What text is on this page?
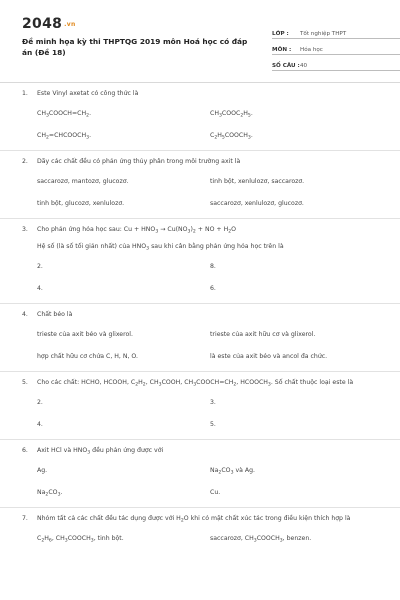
2048 .vn
Đề minh họa kỳ thi THPTQG 2019 môn Hoá học có đáp án (Đề 18)
LỚP :	Tốt nghiệp THPT
MÔN :	Hóa học
SỐ CÂU : 40
1.	Este Vinyl axetat có công thức là
$CH_3COOCH=CH_2$.	$CH_3COOC_2H_5$.
$CH_2=CHCOOCH_3$.	$C_2H_5COOCH_3$.
2.	Dãy các chất đều có phản ứng thủy phân trong môi trường axit là
saccarozơ, mantozơ, glucozơ.	tinh bột, xenlulozơ, saccarozơ.
tinh bột, glucozơ, xenlulozơ.	saccarozơ, xenlulozơ, glucozơ.
3.	Cho phản ứng hóa học sau: $Cu + HNO_3 \to Cu(NO_3)_2$ + NO + $H_2O$
Hệ số (là số tối giản nhất) của $HNO_3$ sau khi cân bằng phản ứng hóa học trên là
2.	8.
4.	6.
4.	Chất béo là
trieste của axit béo và glixerol.	trieste của axit hữu cơ và glixerol.
hợp chất hữu cơ chứa C, H, N, O.	là este của axit béo và ancol đa chức.
5.	Cho các chất: HCHO, HCOOH, $C_2H_2$, $CH_3COOH$, $CH_3COOCH=CH_2$, $HCOOCH_3$. Số chất thuộc loại este là
2.	3.
4.	5.
6.	Axit HCl và $HNO_3$ đều phản ứng được với
Ag.	$Na_2CO_3$ và Ag.
$Na_2CO_3$.	Cu.
7.	Nhóm tất cả các chất đều tác dụng được với $H_2O$ khi có mặt chất xúc tác trong điều kiện thích hợp là
$C_2H_6$, $CH_3COOCH_3$, tinh bột.	saccarozơ, $CH_3COOCH_3$, benzen.
